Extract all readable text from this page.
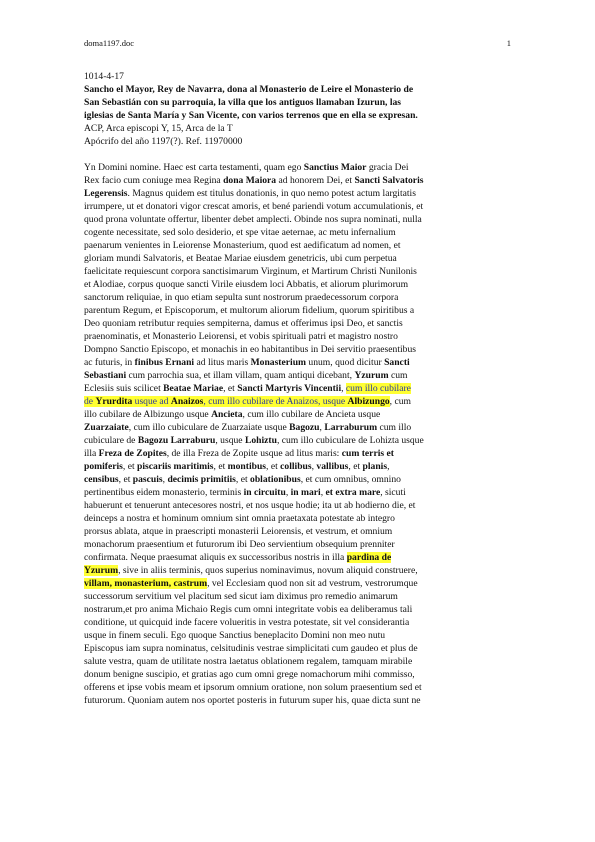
doma1197.doc	1
1014-4-17
Sancho el Mayor, Rey de Navarra, dona al Monasterio de Leire el Monasterio de
San Sebastián con su parroquia, la villa que los antiguos llamaban Izurun, las
iglesias de Santa María y San Vicente, con varios terrenos que en ella se expresan.
ACP, Arca episcopi Y, 15, Arca de la T
Apócrifo del año 1197(?). Ref. 11970000
Yn Domini nomine. Haec est carta testamenti, quam ego Sanctius Maior gracia Dei
Rex facio cum coniuge mea Regina dona Maiora ad honorem Dei, et Sancti Salvatoris
Legerensis. Magnus quidem est titulus donationis, in quo nemo potest actum largitatis
irrumpere, ut et donatori vigor crescat amoris, et bené pariendi votum accumulationis, et
quod prona voluntate offertur, libenter debet amplecti. Obinde nos supra nominati, nulla
cogente necessitate, sed solo desiderio, et spe vitae aeternae, ac metu infernalium
paenarum venientes in Leiorense Monasterium, quod est aedificatum ad nomen, et
gloriam mundi Salvatoris, et Beatae Mariae eiusdem genetricis, ubi cum perpetua
faelicitate requiescunt corpora sanctisimarum Virginum, et Martirum Christi Nunilonis
et Alodiae, corpus quoque sancti Virile eiusdem loci Abbatis, et aliorum plurimorum
sanctorum reliquiae, in quo etiam sepulta sunt nostrorum praedecessorum corpora
parentum Regum, et Episcoporum, et multorum aliorum fidelium, quorum spiritibus a
Deo quoniam retributur requies sempiterna, damus et offerimus ipsi Deo, et sanctis
praenominatis, et Monasterio Leiorensi, et vobis spirituali patri et magistro nostro
Dompno Sanctio Episcopo, et monachis in eo habitantibus in Dei servitio praesentibus
ac futuris, in finibus Ernani ad litus maris Monasterium unum, quod dicitur Sancti
Sebastiani cum parrochia sua, et illam villam, quam antiqui dicebant, Yzurum cum
Eclesiis suis scilicet Beatae Mariae, et Sancti Martyris Vincentii, cum illo cubilare
de Yrurdita usque ad Anaizos, cum illo cubilare de Anaizos, usque Albizungo, cum
illo cubilare de Albizungo usque Ancieta, cum illo cubilare de Ancieta usque
Zuarzaiate, cum illo cubiculare de Zuarzaiate usque Bagozu, Larraburum cum illo
cubiculare de Bagozu Larraburu, usque Lohiztu, cum illo cubiculare de Lohizta usque
illa Freza de Zopites, de illa Freza de Zopite usque ad litus maris: cum terris et
pomiferis, et piscariis maritimis, et montibus, et collibus, vallibus, et planis,
censibus, et pascuis, decimis primitiis, et oblationibus, et cum omnibus, omnino
pertinentibus eidem monasterio, terminis in circuitu, in mari, et extra mare, sicuti
habuerunt et tenuerunt antecesores nostri, et nos usque hodie; ita ut ab hodierno die, et
deinceps a nostra et hominum omnium sint omnia praetaxata potestate ab integro
prorsus ablata, atque in praescripti monasterii Leiorensis, et vestrum, et omnium
monachorum praesentium et futurorum ibi Deo servientium obsequium prenniter
confirmata. Neque praesumat aliquis ex successoribus nostris in illa pardina de
Yzurum, sive in aliis terminis, quos superius nominavimus, novum aliquid construere,
villam, monasterium, castrum, vel Ecclesiam quod non sit ad vestrum, vestrorumque
successorum servitium vel placitum sed sicut iam diximus pro remedio animarum
nostrarum,et pro anima Michaio Regis cum omni integritate vobis ea deliberamus tali
conditione, ut quicquid inde facere volueritis in vestra potestate, sit vel considerantia
usque in finem seculi. Ego quoque Sanctius beneplacito Domini non meo nutu
Episcopus iam supra nominatus, celsitudinis vestrae simplicitati cum gaudeo et plus de
salute vestra, quam de utilitate nostra laetatus oblationem regalem, tamquam mirabile
donum benigne suscipio, et gratias ago cum omni grege nomachorum mihi commisso,
offerens et ipse vobis meam et ipsorum omnium oratione, non solum praesentium sed et
futurorum. Quoniam autem nos oportet posteris in futurum super his, quae dicta sunt ne
